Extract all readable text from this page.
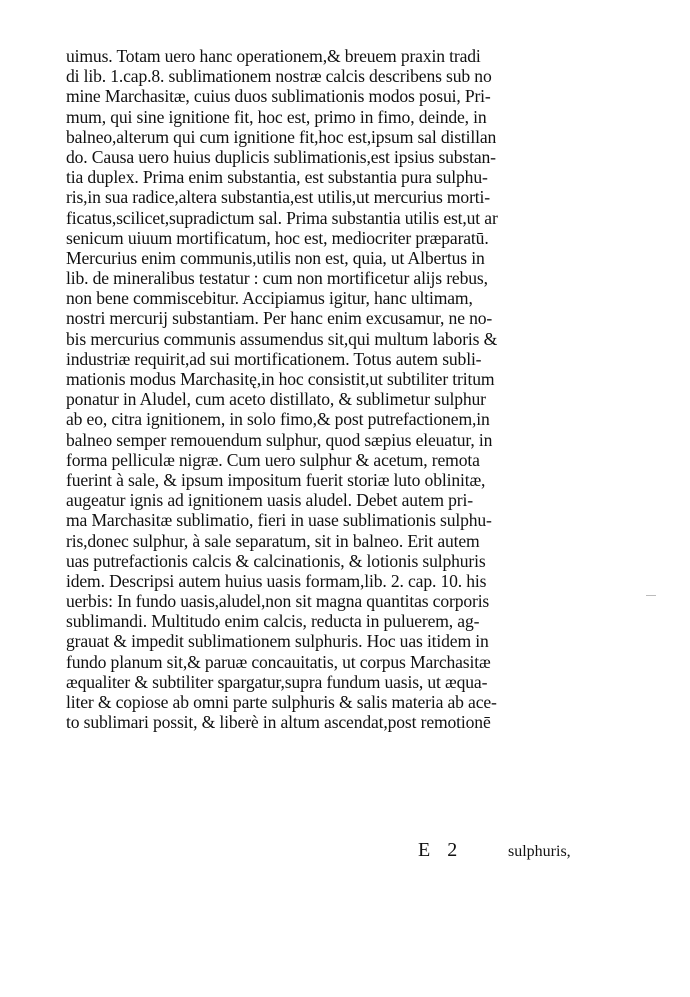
uimus. Totam uero hanc operationem,& breuem praxin tradi
di lib. 1.cap.8. sublimationem nostræ calcis describens sub no
mine Marchasitæ, cuius duos sublimationis modos posui, Pri-
mum, qui sine ignitione fit, hoc est, primo in fimo, deinde, in
balneo,alterum qui cum ignitione fit,hoc est,ipsum sal distillan
do. Causa uero huius duplicis sublimationis,est ipsius substan-
tia duplex. Prima enim substantia, est substantia pura sulphu-
ris,in sua radice,altera substantia,est utilis,ut mercurius morti-
ficatus,scilicet,supradictum sal. Prima substantia utilis est,ut ar
senicum uiuum mortificatum, hoc est, mediocriter præparatū.
Mercurius enim communis,utilis non est, quia, ut Albertus in
lib. de mineralibus testatur : cum non mortificetur alijs rebus,
non bene commiscebitur. Accipiamus igitur, hanc ultimam,
nostri mercurij substantiam. Per hanc enim excusamur, ne no-
bis mercurius communis assumendus sit,qui multum laboris &
industriæ requirit,ad sui mortificationem. Totus autem subli-
mationis modus Marchasitę,in hoc consistit,ut subtiliter tritum
ponatur in Aludel, cum aceto distillato, & sublimetur sulphur
ab eo, citra ignitionem, in solo fimo,& post putrefactionem,in
balneo semper remouendum sulphur, quod sæpius eleuatur, in
forma pelliculæ nigræ. Cum uero sulphur & acetum, remota
fuerint à sale, & ipsum impositum fuerit storiæ luto oblinitæ,
augeatur ignis ad ignitionem uasis aludel. Debet autem pri-
ma Marchasitæ sublimatio, fieri in uase sublimationis sulphu-
ris,donec sulphur, à sale separatum, sit in balneo. Erit autem
uas putrefactionis calcis & calcinationis, & lotionis sulphuris
idem. Descripsi autem huius uasis formam,lib. 2. cap. 10. his
uerbis: In fundo uasis,aludel,non sit magna quantitas corporis
sublimandi. Multitudo enim calcis, reducta in puluerem, ag-
grauat & impedit sublimationem sulphuris. Hoc uas itidem in
fundo planum sit,& paruæ concauitatis, ut corpus Marchasitæ
æqualiter & subtiliter spargatur,supra fundum uasis, ut æqua-
liter & copiose ab omni parte sulphuris & salis materia ab ace-
to sublimari possit, & liberè in altum ascendat,post remotionē
E 2	sulphuris,
